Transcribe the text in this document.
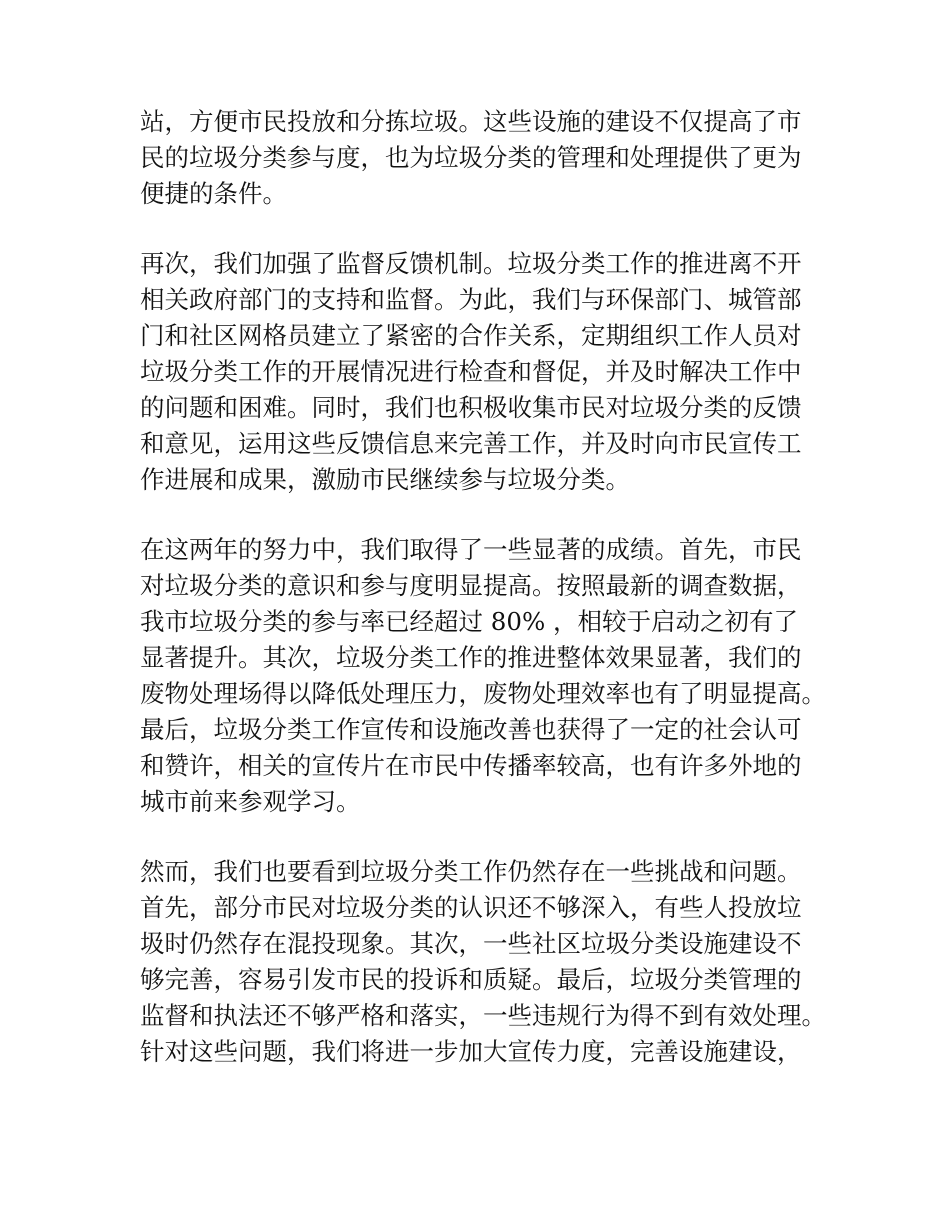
站，方便市民投放和分拣垃圾。这些设施的建设不仅提高了市
民的垃圾分类参与度，也为垃圾分类的管理和处理提供了更为
便捷的条件。
再次，我们加强了监督反馈机制。垃圾分类工作的推进离不开
相关政府部门的支持和监督。为此，我们与环保部门、城管部
门和社区网格员建立了紧密的合作关系，定期组织工作人员对
垃圾分类工作的开展情况进行检查和督促，并及时解决工作中
的问题和困难。同时，我们也积极收集市民对垃圾分类的反馈
和意见，运用这些反馈信息来完善工作，并及时向市民宣传工
作进展和成果，激励市民继续参与垃圾分类。
在这两年的努力中，我们取得了一些显著的成绩。首先，市民
对垃圾分类的意识和参与度明显提高。按照最新的调查数据，
我市垃圾分类的参与率已经超过 80% ，相较于启动之初有了
显著提升。其次，垃圾分类工作的推进整体效果显著，我们的
废物处理场得以降低处理压力，废物处理效率也有了明显提高。
最后，垃圾分类工作宣传和设施改善也获得了一定的社会认可
和赞许，相关的宣传片在市民中传播率较高，也有许多外地的
城市前来参观学习。
然而，我们也要看到垃圾分类工作仍然存在一些挑战和问题。
首先，部分市民对垃圾分类的认识还不够深入，有些人投放垃
圾时仍然存在混投现象。其次，一些社区垃圾分类设施建设不
够完善，容易引发市民的投诉和质疑。最后，垃圾分类管理的
监督和执法还不够严格和落实，一些违规行为得不到有效处理。
针对这些问题，我们将进一步加大宣传力度，完善设施建设，
